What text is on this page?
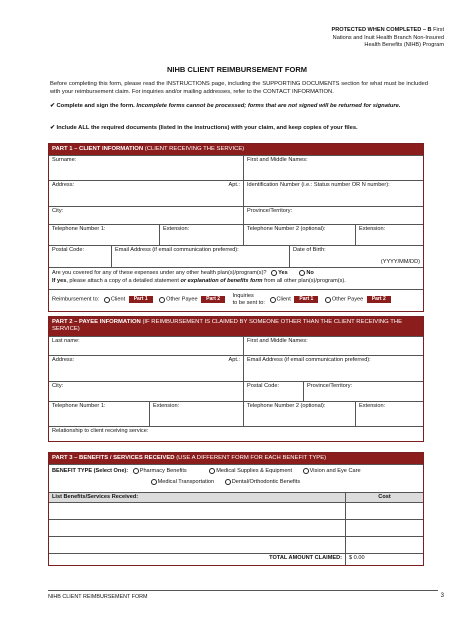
PROTECTED WHEN COMPLETED – B First
Nations and Inuit Health Branch Non-Insured
Health Benefits (NIHB) Program
NIHB CLIENT REIMBURSEMENT FORM
Before completing this form, please read the INSTRUCTIONS page, including the SUPPORTING DOCUMENTS section for what must be included with your reimbursement claim. For inquiries and/or mailing addresses, refer to the CONTACT INFORMATION.
✔ Complete and sign the form. Incomplete forms cannot be processed; forms that are not signed will be returned for signature.
✔ Include ALL the required documents (listed in the instructions) with your claim, and keep copies of your files.
PART 1 – CLIENT INFORMATION (CLIENT RECEIVING THE SERVICE)
Surname:	First and Middle Names:
Address:	Apt.:	Identification Number (i.e.: Status number OR N number):
City:	Province/Territory:
Telephone Number 1:	Extension:	Telephone Number 2 (optional):	Extension:
Postal Code:	Email Address (if email communication preferred):	Date of Birth:
(YYYY/MM/DD)
Are you covered for any of these expenses under any other health plan(s)/program(s)? Yes	No
If yes, please attach a copy of a detailed statement or explanation of benefits form from all other plan(s)/program(s).
Reimbursement to: Client Part 1	Other Payee Part 2 Inquiries
to be sent to: Client Part 1	Other Payee Part 2
PART 2 – PAYEE INFORMATION (IF REIMBURSEMENT IS CLAIMED BY SOMEONE OTHER THAN THE CLIENT RECEIVING THE SERVICE)
Last name:	First and Middle Names:
Address:	Apt.:	Email Address (if email communication preferred):
City:	Postal Code:	Province/Territory:
Telephone Number 1:	Extension:	Telephone Number 2 (optional):	Extension:
Relationship to client receiving service:
PART 3 – BENEFITS / SERVICES RECEIVED (USE A DIFFERENT FORM FOR EACH BENEFIT TYPE)
BENEFIT TYPE (Select One): Pharmacy Benefits	Medical Supplies & Equipment	Vision and Eye Care
Medical Transportation	Dental/Orthodontic Benefits
List Benefits/Services Received:	Cost
TOTAL AMOUNT CLAIMED:	$ 0.00
NIHB CLIENT REIMBURSEMENT FORM	3
